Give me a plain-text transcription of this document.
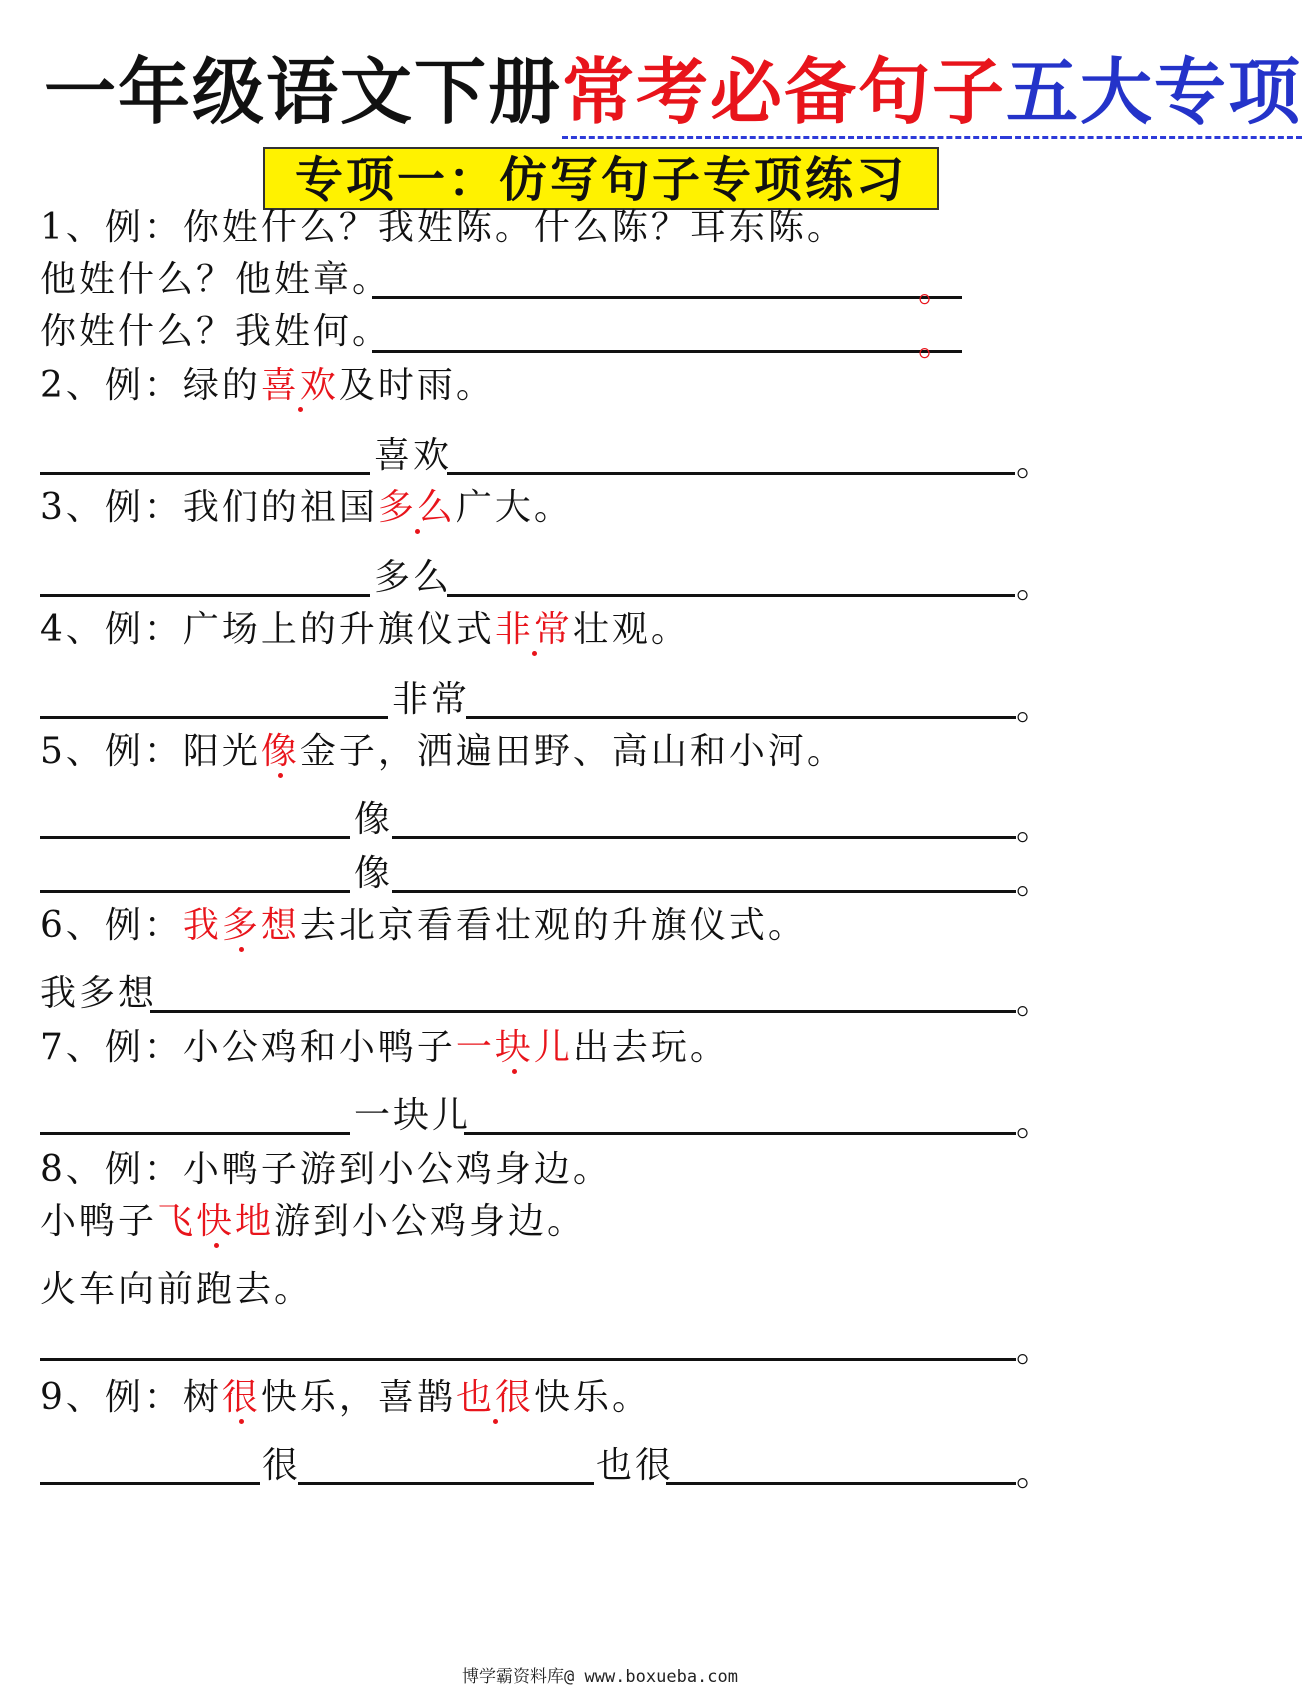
一年级语文下册常考必备句子五大专项
专项一：仿写句子专项练习
1、例：你姓什么？我姓陈。什么陈？耳东陈。
他姓什么？他姓章。	。
你姓什么？我姓何。	。
2、例：绿的喜欢及时雨。
喜欢	。
3、例：我们的祖国多么广大。
多么	。
4、例：广场上的升旗仪式非常壮观。
非常	。
5、例：阳光像金子，洒遍田野、高山和小河。
像	。
像	。
6、例：我多想去北京看看壮观的升旗仪式。
我多想	。
7、例：小公鸡和小鸭子一块儿出去玩。
一块儿	。
8、例：小鸭子游到小公鸡身边。
小鸭子飞快地游到小公鸡身边。
火车向前跑去。
。
9、例：树很快乐，喜鹊也很快乐。
很	也很	。
博学霸资料库@ www.boxueba.com
